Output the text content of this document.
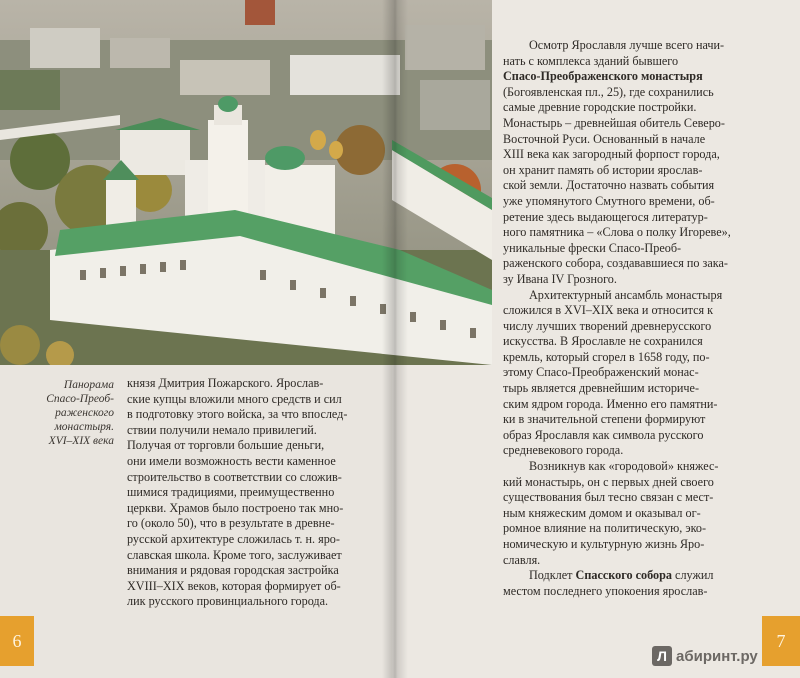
Панорама
Спасо-Преоб-
раженского
монастыря.
XVI–XIX века
князя Дмитрия Пожарского. Ярослав-
ские купцы вложили много средств и сил
в подготовку этого войска, за что впослед-
ствии получили немало привилегий.
Получая от торговли большие деньги,
они имели возможность вести каменное
строительство в соответствии со сложив-
шимися традициями, преимущественно
церкви. Храмов было построено так мно-
го (около 50), что в результате в древне-
русской архитектуре сложилась т. н. яро-
славская школа. Кроме того, заслуживает
внимания и рядовая городская застройка
XVIII–XIX веков, которая формирует об-
лик русского провинциального города.
Осмотр Ярославля лучше всего начи-
нать с комплекса зданий бывшего
Спасо-Преображенского монастыря
(Богоявленская пл., 25), где сохранились
самые древние городские постройки.
Монастырь – древнейшая обитель Северо-
Восточной Руси. Основанный в начале
XIII века как загородный форпост города,
он хранит память об истории ярослав-
ской земли. Достаточно назвать события
уже упомянутого Смутного времени, об-
ретение здесь выдающегося литератур-
ного памятника – «Слова о полку Игореве»,
уникальные фрески Спасо-Преоб-
раженского собора, создававшиеся по зака-
зу Ивана IV Грозного.
Архитектурный ансамбль монастыря
сложился в XVI–XIX века и относится к
числу лучших творений древнерусского
искусства. В Ярославле не сохранился
кремль, который сгорел в 1658 году, по-
этому Спасо-Преображенский монас-
тырь является древнейшим историче-
ским ядром города. Именно его памятни-
ки в значительной степени формируют
образ Ярославля как символа русского
средневекового города.
Возникнув как «городовой» княжес-
кий монастырь, он с первых дней своего
существования был тесно связан с мест-
ным княжеским домом и оказывал ог-
ромное влияние на политическую, эко-
номическую и культурную жизнь Яро-
славля.
Подклет Спасского собора служил
местом последнего упокоения ярослав-
6	7
Л абиринт.ру
